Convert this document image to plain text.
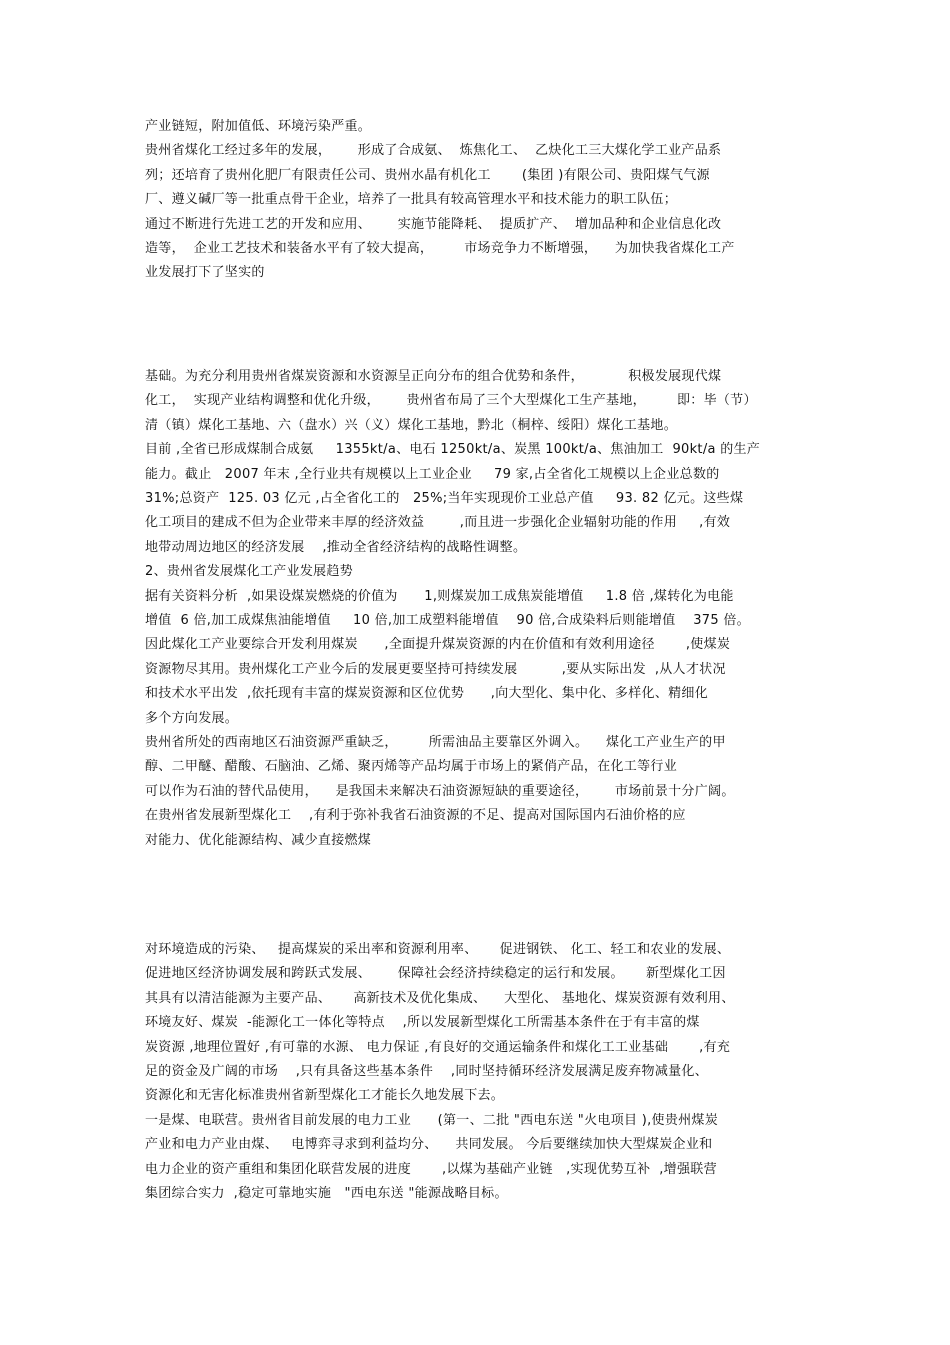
产业链短，附加值低、环境污染严重。
贵州省煤化工经过多年的发展，      形成了合成氨、  炼焦化工、  乙炔化工三大煤化学工业产品系
列；还培育了贵州化肥厂有限责任公司、贵州水晶有机化工       (集团 )有限公司、贵阳煤气气源
厂、遵义碱厂等一批重点骨干企业，培养了一批具有较高管理水平和技术能力的职工队伍；
通过不断进行先进工艺的开发和应用、      实施节能降耗、  提质扩产、  增加品种和企业信息化改
造等，  企业工艺技术和装备水平有了较大提高，       市场竞争力不断增强，    为加快我省煤化工产
业发展打下了坚实的
基础。为充分利用贵州省煤炭资源和水资源呈正向分布的组合优势和条件，          积极发展现代煤
化工，  实现产业结构调整和优化升级，      贵州省布局了三个大型煤化工生产基地，       即：毕（节）
清（镇）煤化工基地、六（盘水）兴（义）煤化工基地，黔北（桐梓、绥阳）煤化工基地。
目前 ,全省已形成煤制合成氨     1355kt/a、电石 1250kt/a、炭黑 100kt/a、焦油加工  90kt/a 的生产
能力。截止   2007 年末 ,全行业共有规模以上工业企业     79 家,占全省化工规模以上企业总数的
31%;总资产  125. 03 亿元 ,占全省化工的   25%;当年实现现价工业总产值     93. 82 亿元。这些煤
化工项目的建成不但为企业带来丰厚的经济效益        ,而且进一步强化企业辐射功能的作用     ,有效
地带动周边地区的经济发展    ,推动全省经济结构的战略性调整。
2、贵州省发展煤化工产业发展趋势
据有关资料分析  ,如果设煤炭燃烧的价值为      1,则煤炭加工成焦炭能增值     1.8 倍 ,煤转化为电能
增值  6 倍,加工成煤焦油能增值     10 倍,加工成塑料能增值    90 倍,合成染料后则能增值    375 倍。
因此煤化工产业要综合开发利用煤炭      ,全面提升煤炭资源的内在价值和有效利用途径       ,使煤炭
资源物尽其用。贵州煤化工产业今后的发展更要坚持可持续发展          ,要从实际出发  ,从人才状况
和技术水平出发  ,依托现有丰富的煤炭资源和区位优势      ,向大型化、集中化、多样化、精细化
多个方向发展。
贵州省所处的西南地区石油资源严重缺乏，       所需油品主要靠区外调入。    煤化工产业生产的甲
醇、二甲醚、醋酸、石脑油、乙烯、聚丙烯等产品均属于市场上的紧俏产品，在化工等行业
可以作为石油的替代品使用，    是我国未来解决石油资源短缺的重要途径，      市场前景十分广阔。
在贵州省发展新型煤化工    ,有利于弥补我省石油资源的不足、提高对国际国内石油价格的应
对能力、优化能源结构、减少直接燃煤
对环境造成的污染、   提高煤炭的采出率和资源利用率、     促进钢铁、 化工、轻工和农业的发展、
促进地区经济协调发展和跨跃式发展、      保障社会经济持续稳定的运行和发展。     新型煤化工因
其具有以清洁能源为主要产品、     高新技术及优化集成、    大型化、 基地化、煤炭资源有效利用、
环境友好、煤炭  -能源化工一体化等特点    ,所以发展新型煤化工所需基本条件在于有丰富的煤
炭资源 ,地理位置好 ,有可靠的水源、 电力保证 ,有良好的交通运输条件和煤化工工业基础       ,有充
足的资金及广阔的市场    ,只有具备这些基本条件    ,同时坚持循环经济发展满足废弃物减量化、
资源化和无害化标准贵州省新型煤化工才能长久地发展下去。
一是煤、电联营。贵州省目前发展的电力工业      (第一、二批 "西电东送 "火电项目 ),使贵州煤炭
产业和电力产业由煤、   电博弈寻求到利益均分、    共同发展。 今后要继续加快大型煤炭企业和
电力企业的资产重组和集团化联营发展的进度       ,以煤为基础产业链   ,实现优势互补  ,增强联营
集团综合实力  ,稳定可靠地实施   "西电东送 "能源战略目标。
